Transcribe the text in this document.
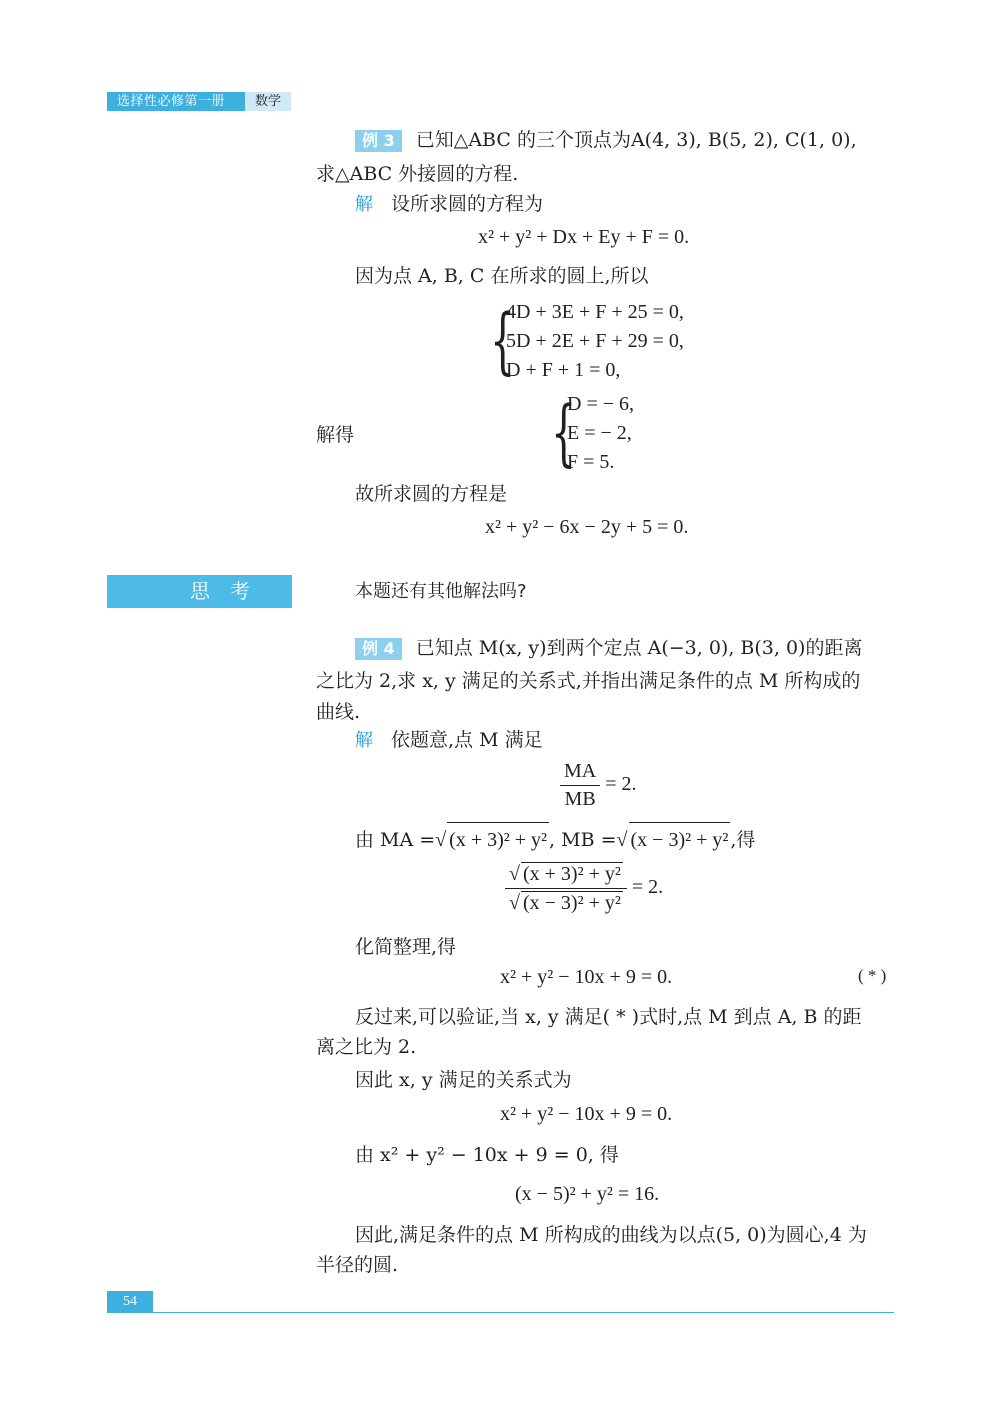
选择性必修第一册	数学
例 3 已知△ABC 的三个顶点为A(4, 3), B(5, 2), C(1, 0),
求△ABC 外接圆的方程.
解 设所求圆的方程为
x² + y² + Dx + Ey + F = 0.
因为点 A, B, C 在所求的圆上,所以
{
4D + 3E + F + 25 = 0,
5D + 2E + F + 29 = 0,
D + F + 1 = 0,
解得	{
D = − 6,
E = − 2,
F = 5.
故所求圆的方程是
x² + y² − 6x − 2y + 5 = 0.
思考	本题还有其他解法吗?
例 4 已知点 M(x, y)到两个定点 A(−3, 0), B(3, 0)的距离
之比为 2,求 x, y 满足的关系式,并指出满足条件的点 M 所构成的
曲线.
解 依题意,点 M 满足
$\frac{MA}{MB} = 2$.
由 MA =√ (x + 3)² + y² , MB =√ (x − 3)² + y² ,得
$\frac{\text{√ (x + 3)² + y²}}{\text{√ (x − 3)² + y²}} = 2$.
化简整理,得
x² + y² − 10x + 9 = 0.	( * )
反过来,可以验证,当 x, y 满足( * )式时,点 M 到点 A, B 的距
离之比为 2.
因此 x, y 满足的关系式为
x² + y² − 10x + 9 = 0.
由 x² + y² − 10x + 9 = 0, 得
(x − 5)² + y² = 16.
因此,满足条件的点 M 所构成的曲线为以点(5, 0)为圆心,4 为
半径的圆.
54
